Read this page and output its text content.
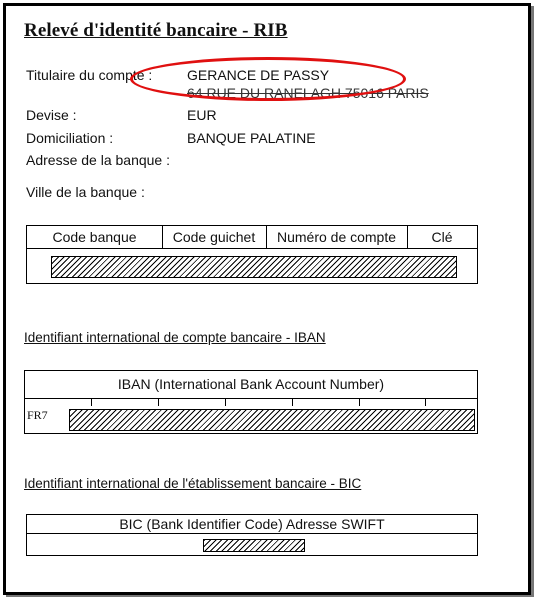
Relevé d'identité bancaire - RIB
Titulaire du compte : GERANCE DE PASSY
64 RUE DU RANELAGH 75016 PARIS
Devise :	EUR
Domiciliation :	BANQUE PALATINE
Adresse de la banque :
Ville de la banque :
Code banque	Code guichet	Numéro de compte	Clé
Identifiant international de compte bancaire - IBAN
IBAN (International Bank Account Number)
FR7
Identifiant international de l'établissement bancaire - BIC
BIC (Bank Identifier Code) Adresse SWIFT
